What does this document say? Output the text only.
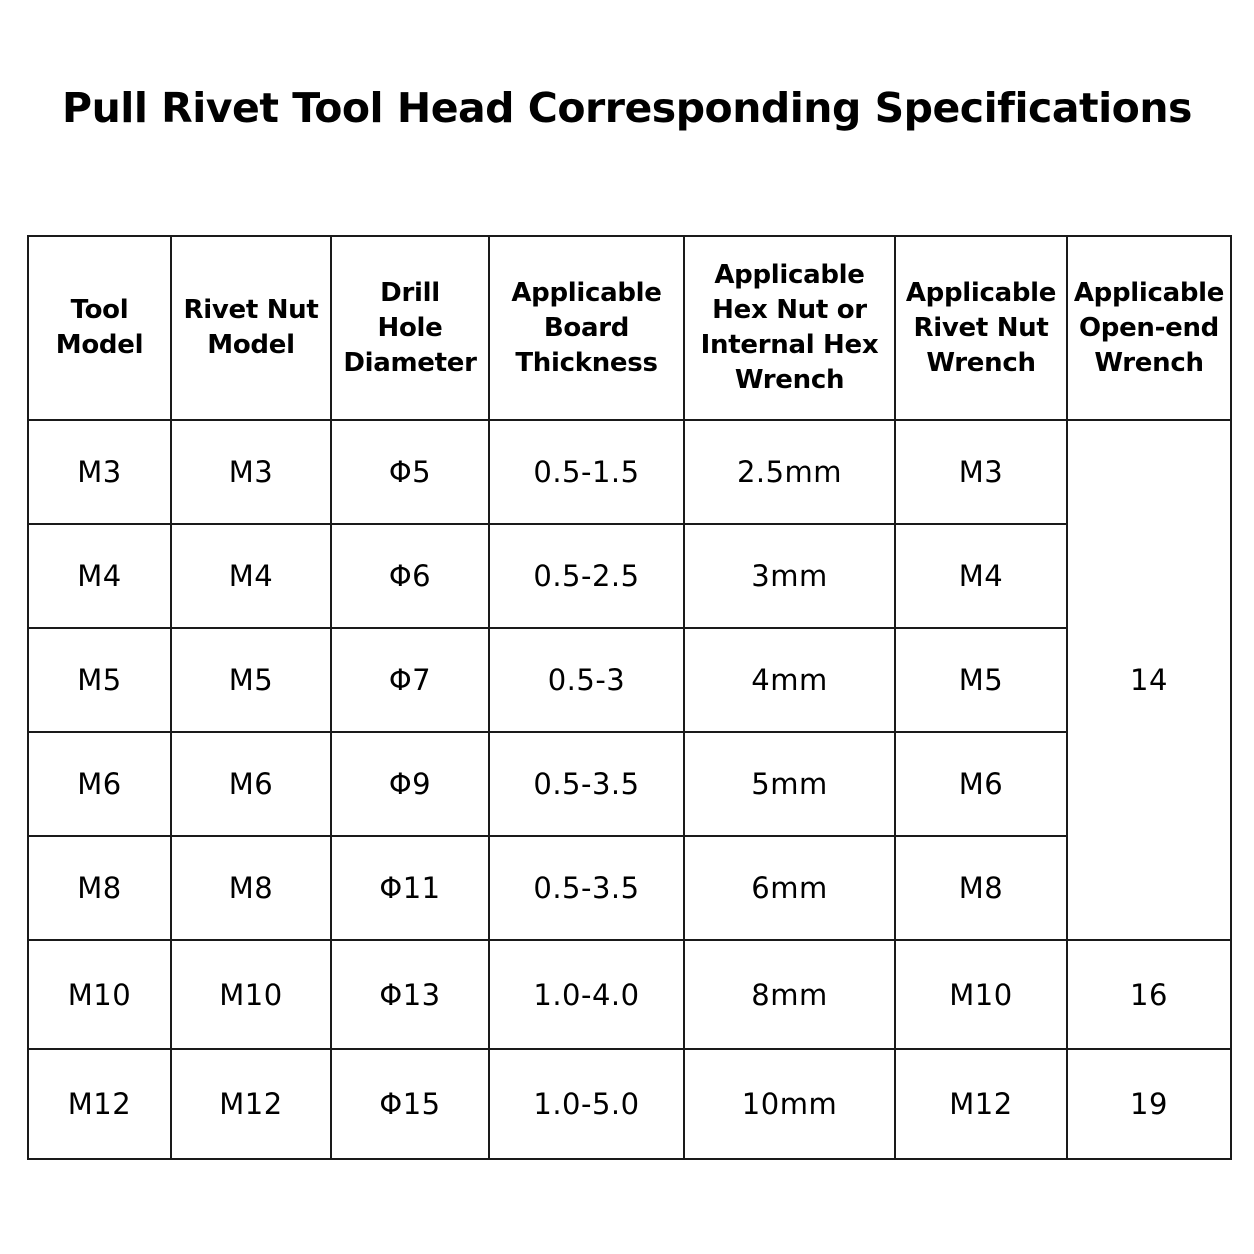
Pull Rivet Tool Head Corresponding Specifications
Tool
Model	Rivet Nut
Model	Drill
Hole
Diameter	Applicable
Board
Thickness	Applicable
Hex Nut or
Internal Hex
Wrench	Applicable
Rivet Nut
Wrench	Applicable
Open-end
Wrench
M3	M3	Φ5	0.5-1.5	2.5mm	M3	14
M4	M4	Φ6	0.5-2.5	3mm	M4	
M5	M5	Φ7	0.5-3	4mm	M5	
M6	M6	Φ9	0.5-3.5	5mm	M6	
M8	M8	Φ11	0.5-3.5	6mm	M8	
M10	M10	Φ13	1.0-4.0	8mm	M10	16
M12	M12	Φ15	1.0-5.0	10mm	M12	19
